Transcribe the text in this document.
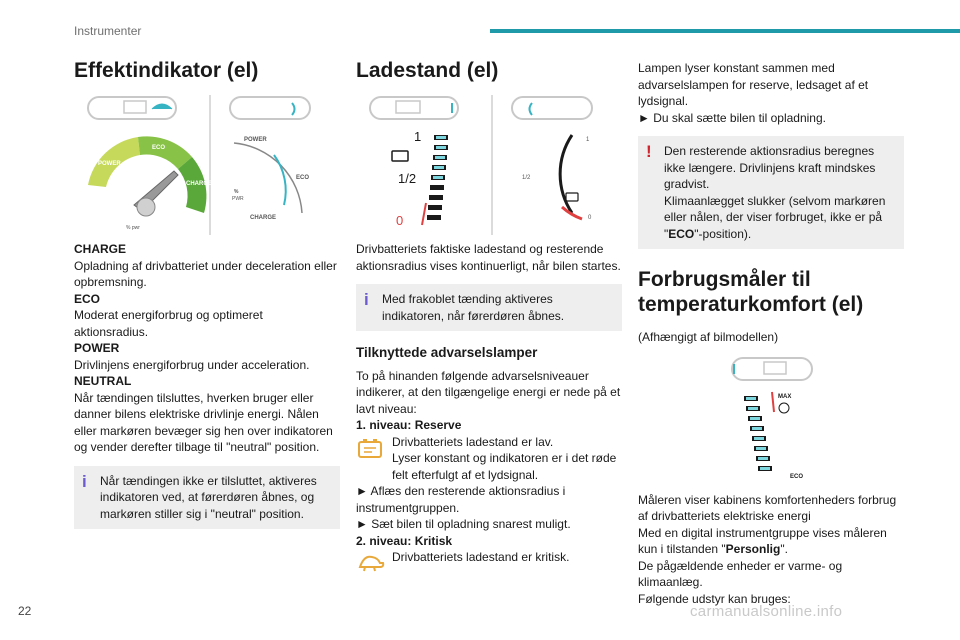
Instrumenter
Effektindikator (el)
POWER
ECO
CHARGE
NEUTRAL
% pwr
POWER
ECO
CHARGE
%
PWR

CHARGE

Opladning af drivbatteriet under deceleration eller opbremsning.

ECO

Moderat energiforbrug og optimeret aktionsradius.

POWER

Drivlinjens energiforbrug under acceleration.

NEUTRAL

Når tændingen tilsluttes, hverken bruger eller danner bilens elektriske drivlinje energi. Nålen eller markøren bevæger sig hen over indikatoren og vender derefter tilbage til "neutral" position.

i Når tændingen ikke er tilsluttet, aktiveres indikatoren ved, at førerdøren åbnes, og markøren stiller sig i "neutral" position.
Ladestand (el)
1
1/2
0
1
1/2
0

Drivbatteriets faktiske ladestand og resterende aktionsradius vises kontinuerligt, når bilen startes.

i Med frakoblet tænding aktiveres indikatoren, når førerdøren åbnes.
Tilknyttede advarselslamper

To på hinanden følgende advarselsniveauer indikerer, at den tilgængelige energi er nede på et lavt niveau:

1. niveau: Reserve

Drivbatteriets ladestand er lav.

Lyser konstant og indikatoren er i det røde felt efterfulgt af et lydsignal.

► Aflæs den resterende aktionsradius i instrumentgruppen.

► Sæt bilen til opladning snarest muligt.

2. niveau: Kritisk

Drivbatteriets ladestand er kritisk.

Lampen lyser konstant sammen med advarselslampen for reserve, ledsaget af et lydsignal.

► Du skal sætte bilen til opladning.

! Den resterende aktionsradius beregnes ikke længere. Drivlinjens kraft mindskes gradvist.
Klimaanlægget slukker (selvom markøren eller nålen, der viser forbruget, ikke er på "ECO"-position).
Forbrugsmåler til temperaturkomfort (el)

(Afhængigt af bilmodellen)

MAX
ECO

Måleren viser kabinens komfortenheders forbrug af drivbatteriets elektriske energi

Med en digital instrumentgruppe vises måleren kun i tilstanden "Personlig".

De pågældende enheder er varme- og klimaanlæg.

Følgende udstyr kan bruges:

22	carmanualsonline.info
